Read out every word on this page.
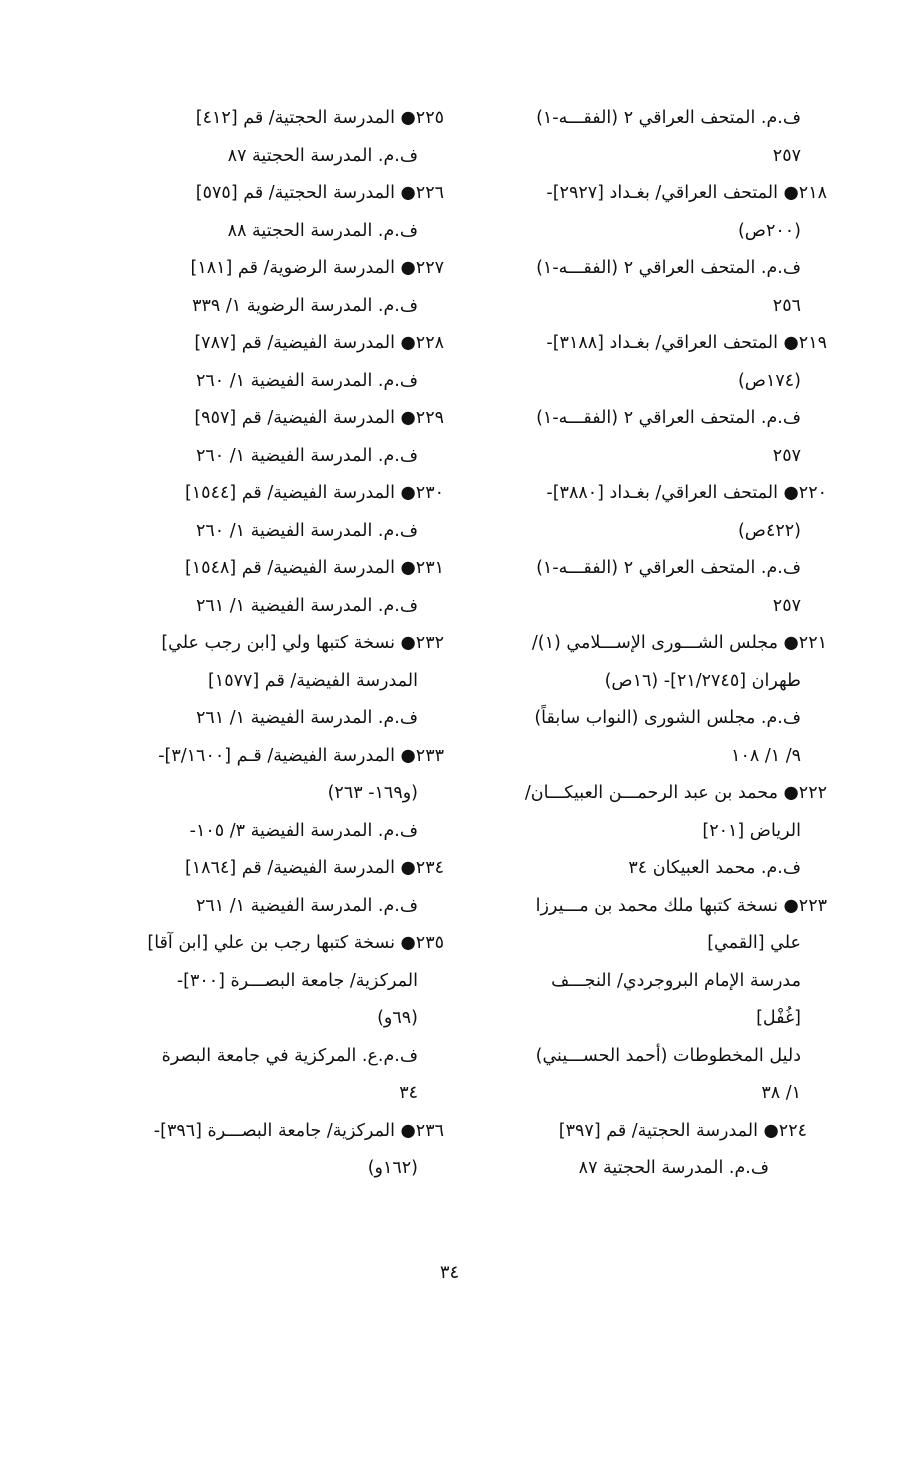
ف.م. المتحف العراقي ٢ (الفقـــه-١)
٢٥٧
٢١٨● المتحف العراقي/ بغـداد [٢٩٢٧]-
(٢٠٠ص)
ف.م. المتحف العراقي ٢ (الفقـــه-١)
٢٥٦
٢١٩● المتحف العراقي/ بغـداد [٣١٨٨]-
(١٧٤ص)
ف.م. المتحف العراقي ٢ (الفقـــه-١)
٢٥٧
٢٢٠● المتحف العراقي/ بغـداد [٣٨٨٠]-
(٤٢٢ص)
ف.م. المتحف العراقي ٢ (الفقـــه-١)
٢٥٧
٢٢١● مجلس الشـــورى الإســـلامي (١)/
طهران [٢١/٢٧٤٥]- (١٦ص)
ف.م. مجلس الشورى (النواب سابقاً)
٩/ ١/ ١٠٨
٢٢٢● محمد بن عبد الرحمـــن العبيكـــان/
الرياض [٢٠١]
ف.م. محمد العبيكان ٣٤
٢٢٣● نسخة كتبها ملك محمد بن مـــيرزا
علي [القمي]
مدرسة الإمام البروجردي/ النجـــف
[غُفْل]
دليل المخطوطات (أحمد الحســـيني)
١/ ٣٨
٢٢٤● المدرسة الحجتية/ قم [٣٩٧]
ف.م. المدرسة الحجتية ٨٧
٢٢٥● المدرسة الحجتية/ قم [٤١٢]
ف.م. المدرسة الحجتية ٨٧
٢٢٦● المدرسة الحجتية/ قم [٥٧٥]
ف.م. المدرسة الحجتية ٨٨
٢٢٧● المدرسة الرضوية/ قم [١٨١]
ف.م. المدرسة الرضوية ١/ ٣٣٩
٢٢٨● المدرسة الفيضية/ قم [٧٨٧]
ف.م. المدرسة الفيضية ١/ ٢٦٠
٢٢٩● المدرسة الفيضية/ قم [٩٥٧]
ف.م. المدرسة الفيضية ١/ ٢٦٠
٢٣٠● المدرسة الفيضية/ قم [١٥٤٤]
ف.م. المدرسة الفيضية ١/ ٢٦٠
٢٣١● المدرسة الفيضية/ قم [١٥٤٨]
ف.م. المدرسة الفيضية ١/ ٢٦١
٢٣٢● نسخة كتبها ولي [ابن رجب علي]
المدرسة الفيضية/ قم [١٥٧٧]
ف.م. المدرسة الفيضية ١/ ٢٦١
٢٣٣● المدرسة الفيضية/ قـم [٣/١٦٠٠]-
(و١٦٩- ٢٦٣)
ف.م. المدرسة الفيضية ٣/ ١٠٥-
٢٣٤● المدرسة الفيضية/ قم [١٨٦٤]
ف.م. المدرسة الفيضية ١/ ٢٦١
٢٣٥● نسخة كتبها رجب بن علي [ابن آقا]
المركزية/ جامعة البصـــرة [٣٠٠]-
(٦٩و)
ف.م.ع. المركزية في جامعة البصرة
٣٤
٢٣٦● المركزية/ جامعة البصـــرة [٣٩٦]-
(١٦٢و)
٣٤
